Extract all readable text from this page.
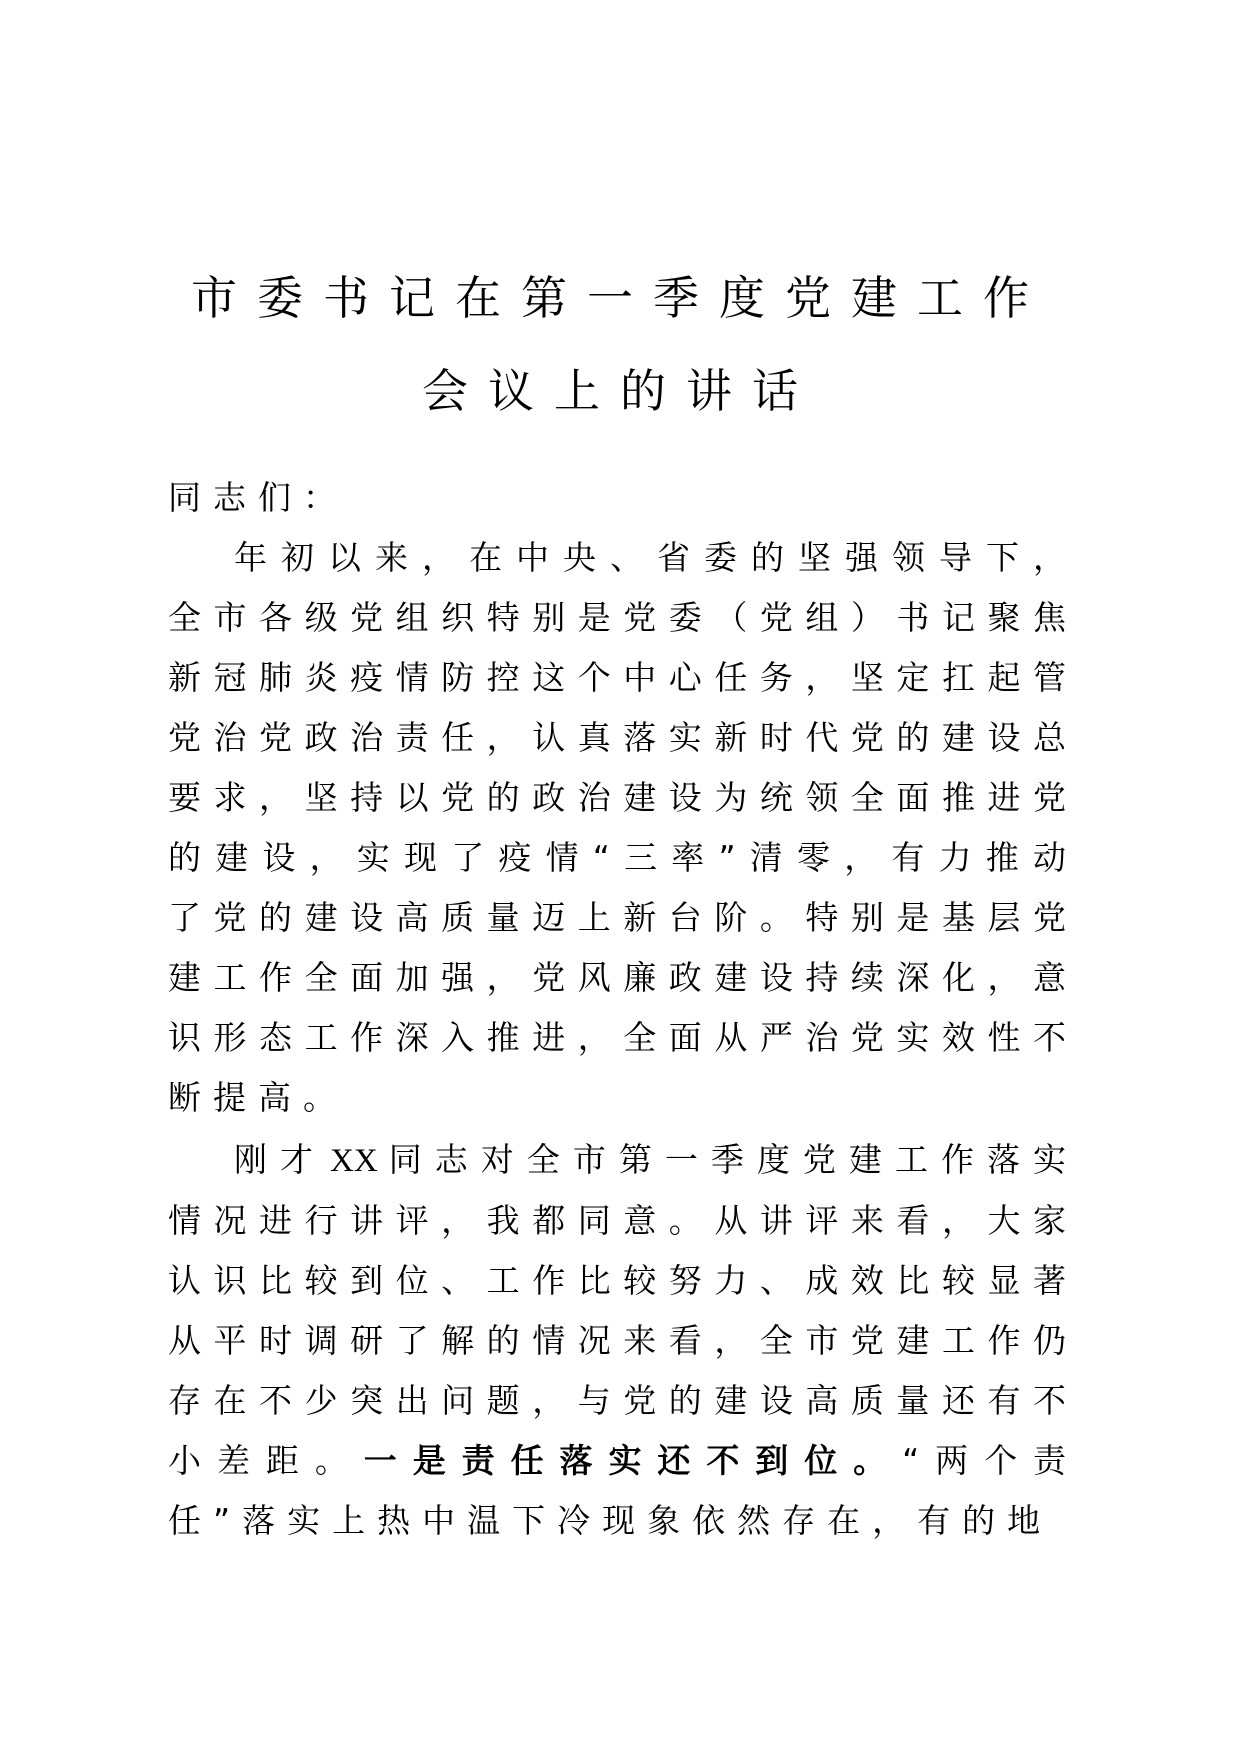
市委书记在第一季度党建工作
会议上的讲话

同志们：

年初以来，在中央、省委的坚强领导下，全市各级党组织特别是党委（党组）书记聚焦新冠肺炎疫情防控这个中心任务，坚定扛起管党治党政治责任，认真落实新时代党的建设总要求，坚持以党的政治建设为统领全面推进党的建设，实现了疫情“三率”清零，有力推动了党的建设高质量迈上新台阶。特别是基层党建工作全面加强，党风廉政建设持续深化，意识形态工作深入推进，全面从严治党实效性不断提高。

刚才 XX 同志对全市第一季度党建工作落实情况进行讲评，我都同意。从讲评来看，大家认识比较到位、工作比较努力、成效比较显著从平时调研了解的情况来看，全市党建工作仍存在不少突出问题，与党的建设高质量还有不小差距。一是责任落实还不到位。“两个责任”落实上热中温下冷现象依然存在，有的地
